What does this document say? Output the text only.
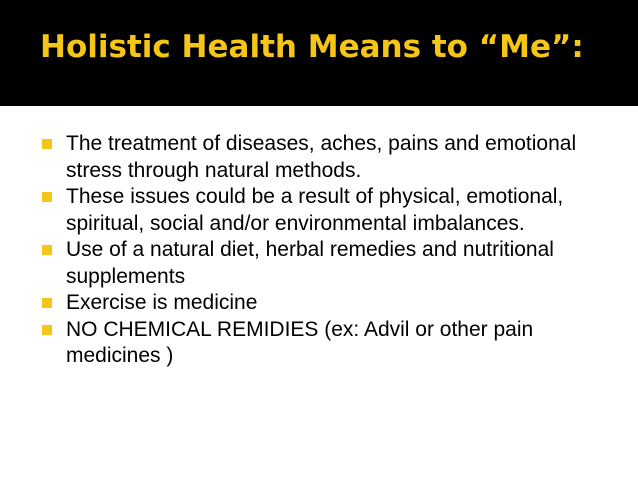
Holistic Health Means to “Me”:
The treatment of diseases, aches, pains and emotional stress through natural methods.
These issues could be a result of physical, emotional, spiritual, social and/or environmental imbalances.
Use of a natural diet, herbal remedies and nutritional supplements
Exercise is medicine
NO CHEMICAL REMIDIES (ex: Advil or other pain medicines )
